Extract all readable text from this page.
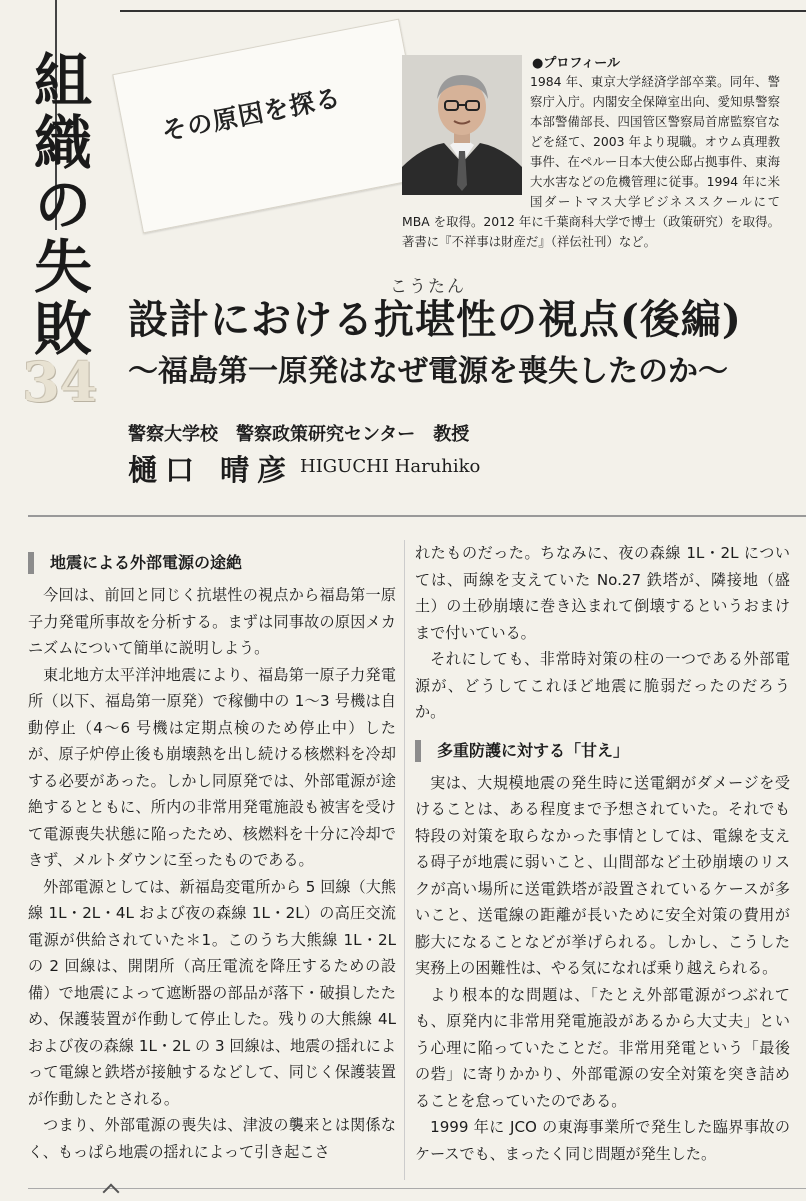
組織の失敗
34
その原因を探る
●プロフィール
1984 年、東京大学経済学部卒業。同年、警察庁入庁。内閣安全保障室出向、愛知県警察本部警備部長、四国管区警察局首席監察官などを経て、2003 年より現職。オウム真理教事件、在ペルー日本大使公邸占拠事件、東海大水害などの危機管理に従事。1994 年に米国ダートマス大学ビジネススクールにて MBA を取得。2012 年に千葉商科大学で博士（政策研究）を取得。著書に『不祥事は財産だ』（祥伝社刊）など。
こうたん
設計における抗堪性の視点(後編)
～福島第一原発はなぜ電源を喪失したのか～
警察大学校　警察政策研究センター　教授
樋口 晴彦 HIGUCHI Haruhiko
地震による外部電源の途絶

今回は、前回と同じく抗堪性の視点から福島第一原子力発電所事故を分析する。まずは同事故の原因メカニズムについて簡単に説明しよう。

東北地方太平洋沖地震により、福島第一原子力発電所（以下、福島第一原発）で稼働中の 1～3 号機は自動停止（4～6 号機は定期点検のため停止中）したが、原子炉停止後も崩壊熱を出し続ける核燃料を冷却する必要があった。しかし同原発では、外部電源が途絶するとともに、所内の非常用発電施設も被害を受けて電源喪失状態に陥ったため、核燃料を十分に冷却できず、メルトダウンに至ったものである。

外部電源としては、新福島変電所から 5 回線（大熊線 1L・2L・4L および夜の森線 1L・2L）の高圧交流電源が供給されていた＊1。このうち大熊線 1L・2L の 2 回線は、開閉所（高圧電流を降圧するための設備）で地震によって遮断器の部品が落下・破損したため、保護装置が作動して停止した。残りの大熊線 4L および夜の森線 1L・2L の 3 回線は、地震の揺れによって電線と鉄塔が接触するなどして、同じく保護装置が作動したとされる。

つまり、外部電源の喪失は、津波の襲来とは関係なく、もっぱら地震の揺れによって引き起こさ

れたものだった。ちなみに、夜の森線 1L・2L については、両線を支えていた No.27 鉄塔が、隣接地（盛土）の土砂崩壊に巻き込まれて倒壊するというおまけまで付いている。

それにしても、非常時対策の柱の一つである外部電源が、どうしてこれほど地震に脆弱だったのだろうか。

多重防護に対する「甘え」

実は、大規模地震の発生時に送電網がダメージを受けることは、ある程度まで予想されていた。それでも特段の対策を取らなかった事情としては、電線を支える碍子が地震に弱いこと、山間部など土砂崩壊のリスクが高い場所に送電鉄塔が設置されているケースが多いこと、送電線の距離が長いために安全対策の費用が膨大になることなどが挙げられる。しかし、こうした実務上の困難性は、やる気になれば乗り越えられる。

より根本的な問題は、「たとえ外部電源がつぶれても、原発内に非常用発電施設があるから大丈夫」という心理に陥っていたことだ。非常用発電という「最後の砦」に寄りかかり、外部電源の安全対策を突き詰めることを怠っていたのである。

1999 年に JCO の東海事業所で発生した臨界事故のケースでも、まったく同じ問題が発生した。
